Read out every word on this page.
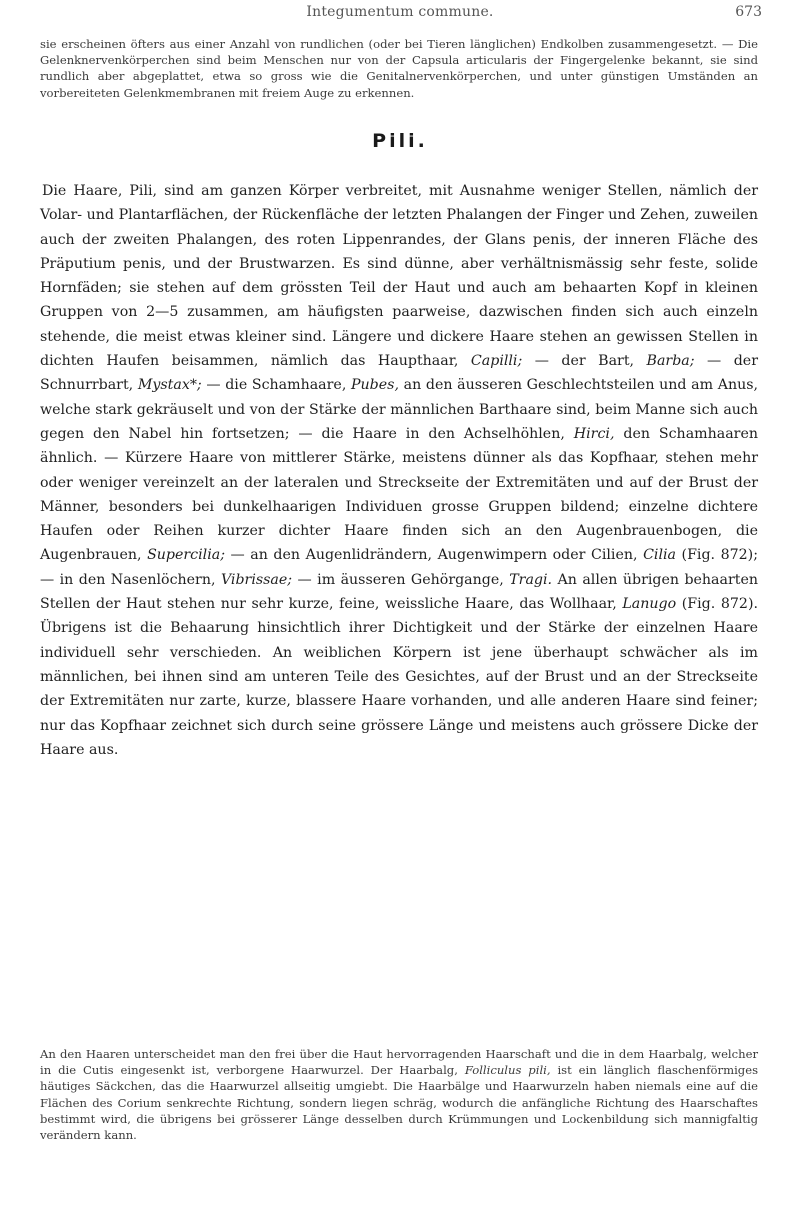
Integumentum commune.	673
sie erscheinen öfters aus einer Anzahl von rundlichen (oder bei Tieren länglichen) Endkolben zusammengesetzt. — Die Gelenknervenkörperchen sind beim Menschen nur von der Capsula articularis der Fingergelenke bekannt, sie sind rundlich aber abgeplattet, etwa so gross wie die Genitalnervenkörperchen, und unter günstigen Umständen an vorbereiteten Gelenkmembranen mit freiem Auge zu erkennen.
Pili.
Die Haare, Pili, sind am ganzen Körper verbreitet, mit Ausnahme weniger Stellen, nämlich der Volar- und Plantarflächen, der Rückenfläche der letzten Phalangen der Finger und Zehen, zuweilen auch der zweiten Phalangen, des roten Lippenrandes, der Glans penis, der inneren Fläche des Präputium penis, und der Brustwarzen. Es sind dünne, aber verhältnismässig sehr feste, solide Hornfäden; sie stehen auf dem grössten Teil der Haut und auch am behaarten Kopf in kleinen Gruppen von 2—5 zusammen, am häufigsten paarweise, dazwischen finden sich auch einzeln stehende, die meist etwas kleiner sind. Längere und dickere Haare stehen an gewissen Stellen in dichten Haufen beisammen, nämlich das Haupthaar, Capilli; — der Bart, Barba; — der Schnurrbart, Mystax*; — die Schamhaare, Pubes, an den äusseren Geschlechtsteilen und am Anus, welche stark gekräuselt und von der Stärke der männlichen Barthaare sind, beim Manne sich auch gegen den Nabel hin fortsetzen; — die Haare in den Achselhöhlen, Hirci, den Schamhaaren ähnlich. — Kürzere Haare von mittlerer Stärke, meistens dünner als das Kopfhaar, stehen mehr oder weniger vereinzelt an der lateralen und Streckseite der Extremitäten und auf der Brust der Männer, besonders bei dunkelhaarigen Individuen grosse Gruppen bildend; einzelne dichtere Haufen oder Reihen kurzer dichter Haare finden sich an den Augenbrauenbogen, die Augenbrauen, Supercilia; — an den Augenlidrändern, Augenwimpern oder Cilien, Cilia (Fig. 872); — in den Nasenlöchern, Vibrissae; — im äusseren Gehörgange, Tragi. An allen übrigen behaarten Stellen der Haut stehen nur sehr kurze, feine, weissliche Haare, das Wollhaar, Lanugo (Fig. 872). Übrigens ist die Behaarung hinsichtlich ihrer Dichtigkeit und der Stärke der einzelnen Haare individuell sehr verschieden. An weiblichen Körpern ist jene überhaupt schwächer als im männlichen, bei ihnen sind am unteren Teile des Gesichtes, auf der Brust und an der Streckseite der Extremitäten nur zarte, kurze, blassere Haare vorhanden, und alle anderen Haare sind feiner; nur das Kopfhaar zeichnet sich durch seine grössere Länge und meistens auch grössere Dicke der Haare aus.
An den Haaren unterscheidet man den frei über die Haut hervorragenden Haarschaft und die in dem Haarbalg, welcher in die Cutis eingesenkt ist, verborgene Haarwurzel. Der Haarbalg, Folliculus pili, ist ein länglich flaschenförmiges häutiges Säckchen, das die Haarwurzel allseitig umgiebt. Die Haarbälge und Haarwurzeln haben niemals eine auf die Flächen des Corium senkrechte Richtung, sondern liegen schräg, wodurch die anfängliche Richtung des Haarschaftes bestimmt wird, die übrigens bei grösserer Länge desselben durch Krümmungen und Lockenbildung sich mannigfaltig verändern kann.
